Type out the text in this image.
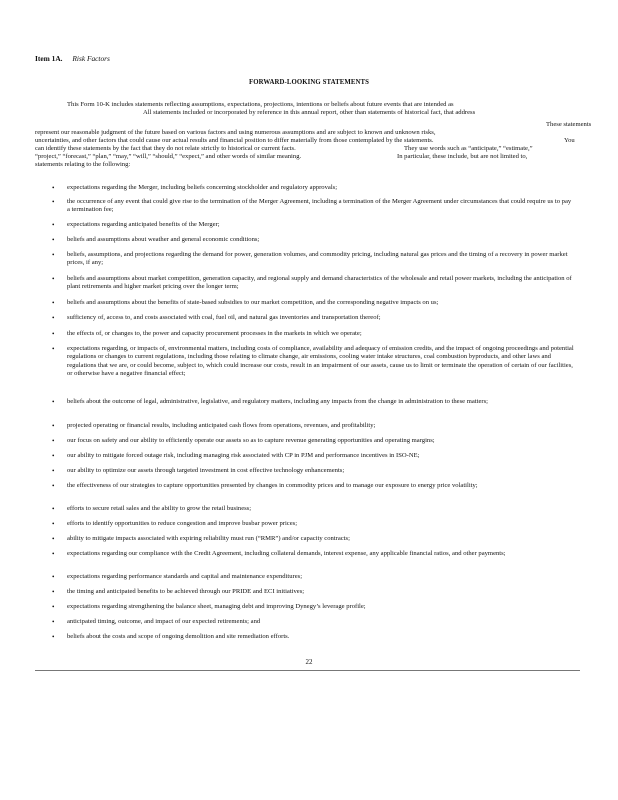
Item 1A. Risk Factors
FORWARD-LOOKING STATEMENTS
This Form 10-K includes statements reflecting assumptions, expectations, projections, intentions or beliefs about future events that are intended as
All statements included or incorporated by reference in this annual report, other than statements of historical fact, that address
These statements
represent our reasonable judgment of the future based on various factors and using numerous assumptions and are subject to known and unknown risks,
uncertainties, and other factors that could cause our actual results and financial position to differ materially from those contemplated by the statements.	You
can identify these statements by the fact that they do not relate strictly to historical or current facts.	They use words such as “anticipate,” “estimate,”
“project,” “forecast,” “plan,” “may,” “will,” “should,” “expect,” and other words of similar meaning.	In particular, these include, but are not limited to,
statements relating to the following:
• expectations regarding the Merger, including beliefs concerning stockholder and regulatory approvals;
• the occurrence of any event that could give rise to the termination of the Merger Agreement, including a termination of the Merger Agreement under circumstances that could require us to pay a termination fee;
• expectations regarding anticipated benefits of the Merger;
• beliefs and assumptions about weather and general economic conditions;
• beliefs, assumptions, and projections regarding the demand for power, generation volumes, and commodity pricing, including natural gas prices and the timing of a recovery in power market prices, if any;
• beliefs and assumptions about market competition, generation capacity, and regional supply and demand characteristics of the wholesale and retail power markets, including the anticipation of plant retirements and higher market pricing over the longer term;
• beliefs and assumptions about the benefits of state-based subsidies to our market competition, and the corresponding negative impacts on us;
• sufficiency of, access to, and costs associated with coal, fuel oil, and natural gas inventories and transportation thereof;
• the effects of, or changes to, the power and capacity procurement processes in the markets in which we operate;
• expectations regarding, or impacts of, environmental matters, including costs of compliance, availability and adequacy of emission credits, and the impact of ongoing proceedings and potential regulations or changes to current regulations, including those relating to climate change, air emissions, cooling water intake structures, coal combustion byproducts, and other laws and regulations that we are, or could become, subject to, which could increase our costs, result in an impairment of our assets, cause us to limit or terminate the operation of certain of our facilities, or otherwise have a negative financial effect;
• beliefs about the outcome of legal, administrative, legislative, and regulatory matters, including any impacts from the change in administration to these matters;
• projected operating or financial results, including anticipated cash flows from operations, revenues, and profitability;
• our focus on safety and our ability to efficiently operate our assets so as to capture revenue generating opportunities and operating margins;
• our ability to mitigate forced outage risk, including managing risk associated with CP in PJM and performance incentives in ISO-NE;
• our ability to optimize our assets through targeted investment in cost effective technology enhancements;
• the effectiveness of our strategies to capture opportunities presented by changes in commodity prices and to manage our exposure to energy price volatility;
• efforts to secure retail sales and the ability to grow the retail business;
• efforts to identify opportunities to reduce congestion and improve busbar power prices;
• ability to mitigate impacts associated with expiring reliability must run (“RMR”) and/or capacity contracts;
• expectations regarding our compliance with the Credit Agreement, including collateral demands, interest expense, any applicable financial ratios, and other payments;
• expectations regarding performance standards and capital and maintenance expenditures;
• the timing and anticipated benefits to be achieved through our PRIDE and ECI initiatives;
• expectations regarding strengthening the balance sheet, managing debt and improving Dynegy’s leverage profile;
• anticipated timing, outcome, and impact of our expected retirements; and
• beliefs about the costs and scope of ongoing demolition and site remediation efforts.
22
